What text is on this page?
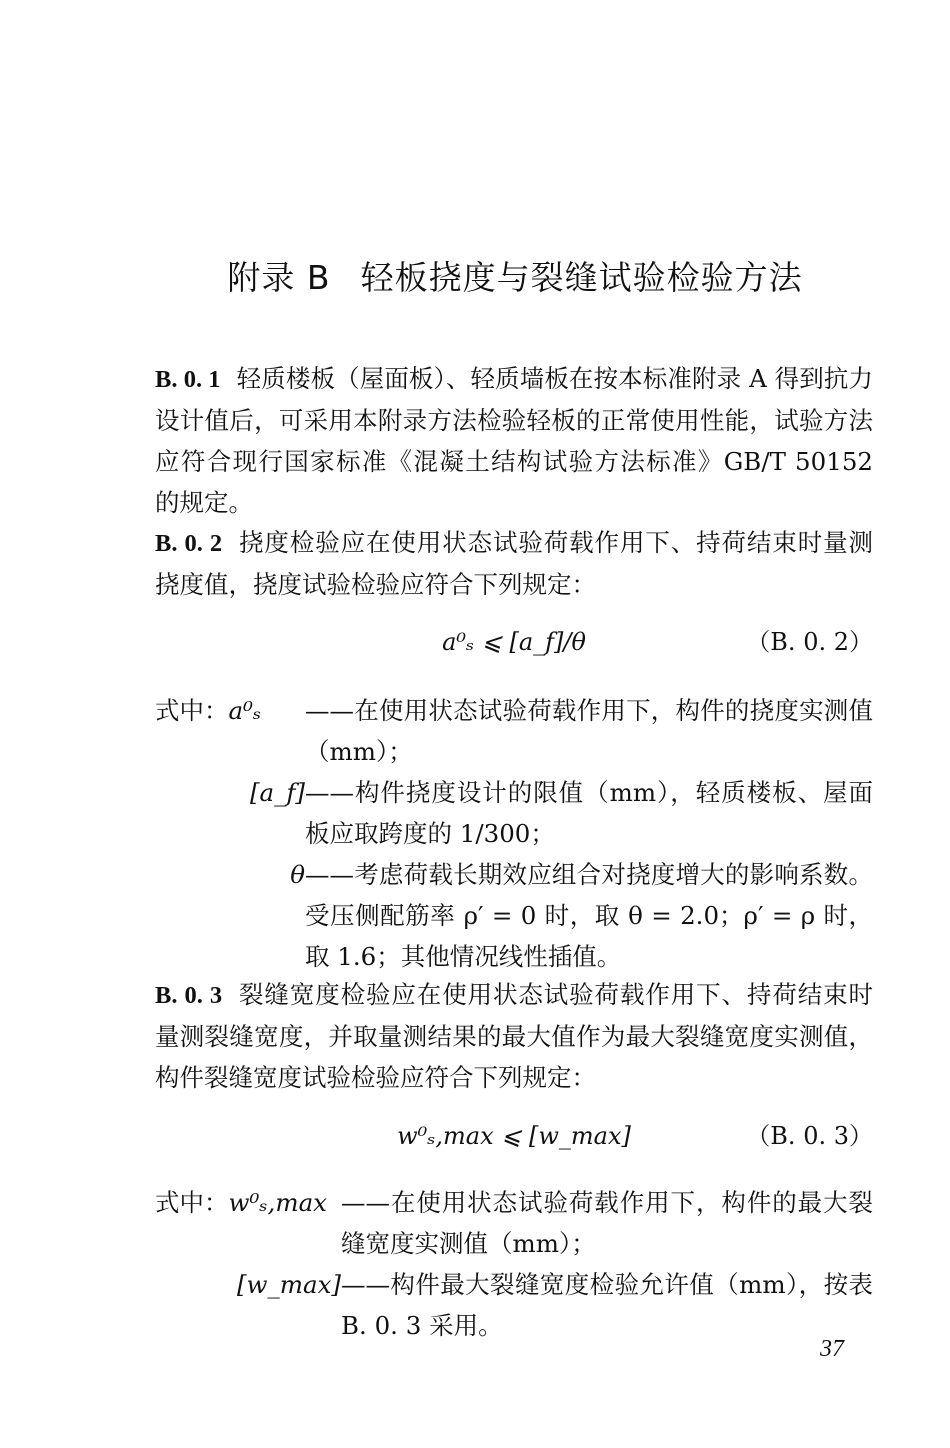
附录 B 轻板挠度与裂缝试验检验方法
B. 0. 1 轻质楼板（屋面板）、轻质墙板在按本标准附录 A 得到抗力设计值后，可采用本附录方法检验轻板的正常使用性能，试验方法应符合现行国家标准《混凝土结构试验方法标准》GB/T 50152 的规定。
B. 0. 2 挠度检验应在使用状态试验荷载作用下、持荷结束时量测挠度值，挠度试验检验应符合下列规定：
a⁰ₛ ⩽ [a_f]/θ	（B. 0. 2）
式中：a⁰ₛ	——在使用状态试验荷载作用下，构件的挠度实测值（mm）；
[a_f] ——构件挠度设计的限值（mm），轻质楼板、屋面板应取跨度的 1/300；
θ ——考虑荷载长期效应组合对挠度增大的影响系数。受压侧配筋率 ρ′ = 0 时，取 θ = 2.0；ρ′ = ρ 时，取 1.6；其他情况线性插值。
B. 0. 3 裂缝宽度检验应在使用状态试验荷载作用下、持荷结束时量测裂缝宽度，并取量测结果的最大值作为最大裂缝宽度实测值，构件裂缝宽度试验检验应符合下列规定：
w⁰ₛ,max ⩽ [w_max]	（B. 0. 3）
式中：w⁰ₛ,max ——在使用状态试验荷载作用下，构件的最大裂缝宽度实测值（mm）；
[w_max] ——构件最大裂缝宽度检验允许值（mm），按表 B. 0. 3 采用。
37
